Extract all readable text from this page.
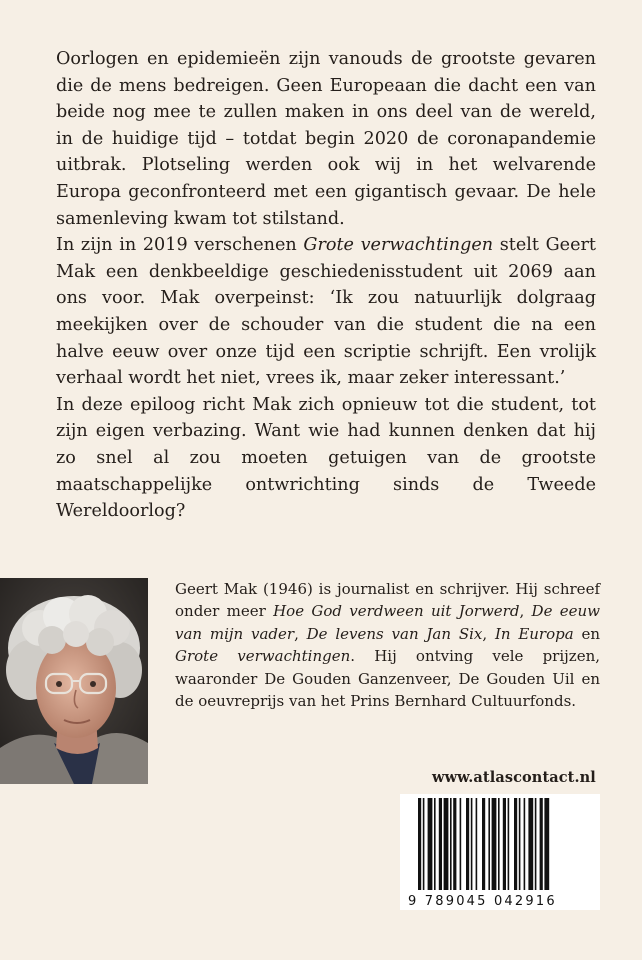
Oorlogen en epidemieën zijn vanouds de grootste gevaren die de mens bedreigen. Geen Europeaan die dacht een van beide nog mee te zullen maken in ons deel van de wereld, in de huidige tijd – totdat begin 2020 de coronapandemie uitbrak. Plotseling werden ook wij in het welvarende Europa geconfronteerd met een gigantisch gevaar. De hele samenleving kwam tot stilstand.

In zijn in 2019 verschenen Grote verwachtingen stelt Geert Mak een denkbeeldige geschiedenisstudent uit 2069 aan ons voor. Mak overpeinst: ‘Ik zou natuurlijk dolgraag meekijken over de schouder van die student die na een halve eeuw over onze tijd een scriptie schrijft. Een vrolijk verhaal wordt het niet, vrees ik, maar zeker interessant.’

In deze epiloog richt Mak zich opnieuw tot die student, tot zijn eigen verbazing. Want wie had kunnen denken dat hij zo snel al zou moeten getuigen van de grootste maatschappelijke ontwrichting sinds de Tweede Wereldoorlog?

Geert Mak (1946) is journalist en schrijver. Hij schreef onder meer Hoe God verdween uit Jorwerd, De eeuw van mijn vader, De levens van Jan Six, In Europa en Grote verwachtingen. Hij ontving vele prijzen, waaronder De Gouden Ganzenveer, De Gouden Uil en de oeuvreprijs van het Prins Bernhard Cultuurfonds.

www.atlascontact.nl
9 789045 042916
